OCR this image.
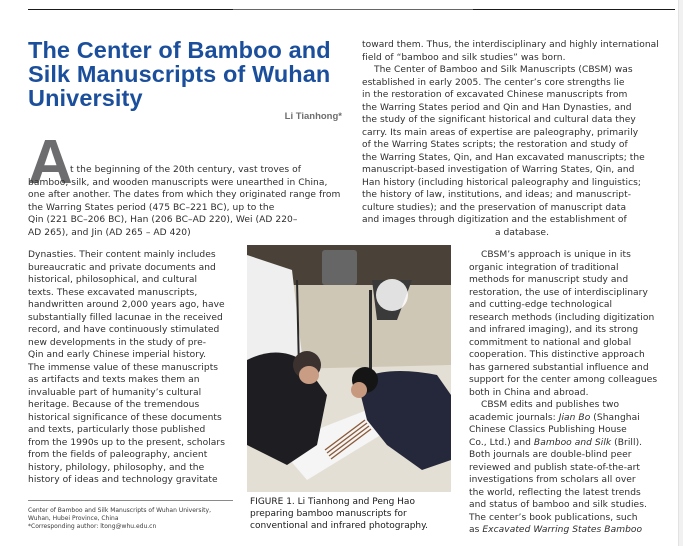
The Center of Bamboo and
Silk Manuscripts of Wuhan
University
Li Tianhong*
A
t the beginning of the 20th century, vast troves of
bamboo, silk, and wooden manuscripts were unearthed in China,
one after another. The dates from which they originated range from
the Warring States period (475 BC–221 BC), up to the
Qin (221 BC–206 BC), Han (206 BC–AD 220), Wei (AD 220–
AD 265), and Jin (AD 265 – AD 420)
Dynasties. Their content mainly includes
bureaucratic and private documents and
historical, philosophical, and cultural
texts. These excavated manuscripts,
handwritten around 2,000 years ago, have
substantially filled lacunae in the received
record, and have continuously stimulated
new developments in the study of pre-
Qin and early Chinese imperial history.
The immense value of these manuscripts
as artifacts and texts makes them an
invaluable part of humanity’s cultural
heritage. Because of the tremendous
historical significance of these documents
and texts, particularly those published
from the 1990s up to the present, scholars
from the fields of paleography, ancient
history, philology, philosophy, and the
history of ideas and technology gravitate
toward them. Thus, the interdisciplinary and highly international
field of “bamboo and silk studies” was born.
The Center of Bamboo and Silk Manuscripts (CBSM) was
established in early 2005. The center’s core strengths lie
in the restoration of excavated Chinese manuscripts from
the Warring States period and Qin and Han Dynasties, and
the study of the significant historical and cultural data they
carry. Its main areas of expertise are paleography, primarily
of the Warring States scripts; the restoration and study of
the Warring States, Qin, and Han excavated manuscripts; the
manuscript-based investigation of Warring States, Qin, and
Han history (including historical paleography and linguistics;
the history of law, institutions, and ideas; and manuscript-
culture studies); and the preservation of manuscript data
and images through digitization and the establishment of
a database.
CBSM’s approach is unique in its
organic integration of traditional
methods for manuscript study and
restoration, the use of interdisciplinary
and cutting-edge technological
research methods (including digitization
and infrared imaging), and its strong
commitment to national and global
cooperation. This distinctive approach
has garnered substantial influence and
support for the center among colleagues
both in China and abroad.
CBSM edits and publishes two
academic journals: Jian Bo (Shanghai
Chinese Classics Publishing House
Co., Ltd.) and Bamboo and Silk (Brill).
Both journals are double-blind peer
reviewed and publish state-of-the-art
investigations from scholars all over
the world, reflecting the latest trends
and status of bamboo and silk studies.
The center’s book publications, such
as Excavated Warring States Bamboo
FIGURE 1. Li Tianhong and Peng Hao
preparing bamboo manuscripts for
conventional and infrared photography.
Center of Bamboo and Silk Manuscripts of Wuhan University,
Wuhan, Hubei Province, China
*Corresponding author: ltong@whu.edu.cn
